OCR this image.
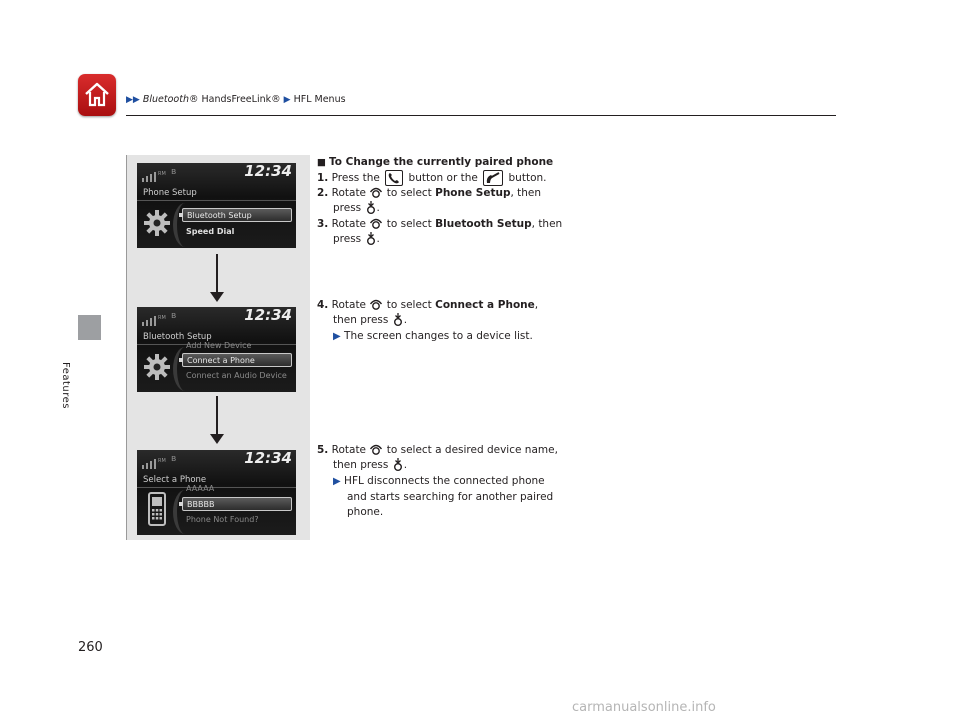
▶▶ Bluetooth® HandsFreeLink® ▶ HFL Menus
Features
260
carmanualsonline.info
RM ʙ	12:34
Phone Setup
Bluetooth Setup
Speed Dial
RM ʙ	12:34
Bluetooth Setup
Add New Device
Connect a Phone
Connect an Audio Device
RM ʙ	12:34
Select a Phone
AAAAA
BBBBB
Phone Not Found?
■ To Change the currently paired phone
1. Press the	button or the	button.
2. Rotate to select Phone Setup, then
press .
3. Rotate to select Bluetooth Setup, then
press .
4. Rotate to select Connect a Phone,
then press .
▶ The screen changes to a device list.
5. Rotate to select a desired device name,
then press .
▶ HFL disconnects the connected phone
and starts searching for another paired
phone.
